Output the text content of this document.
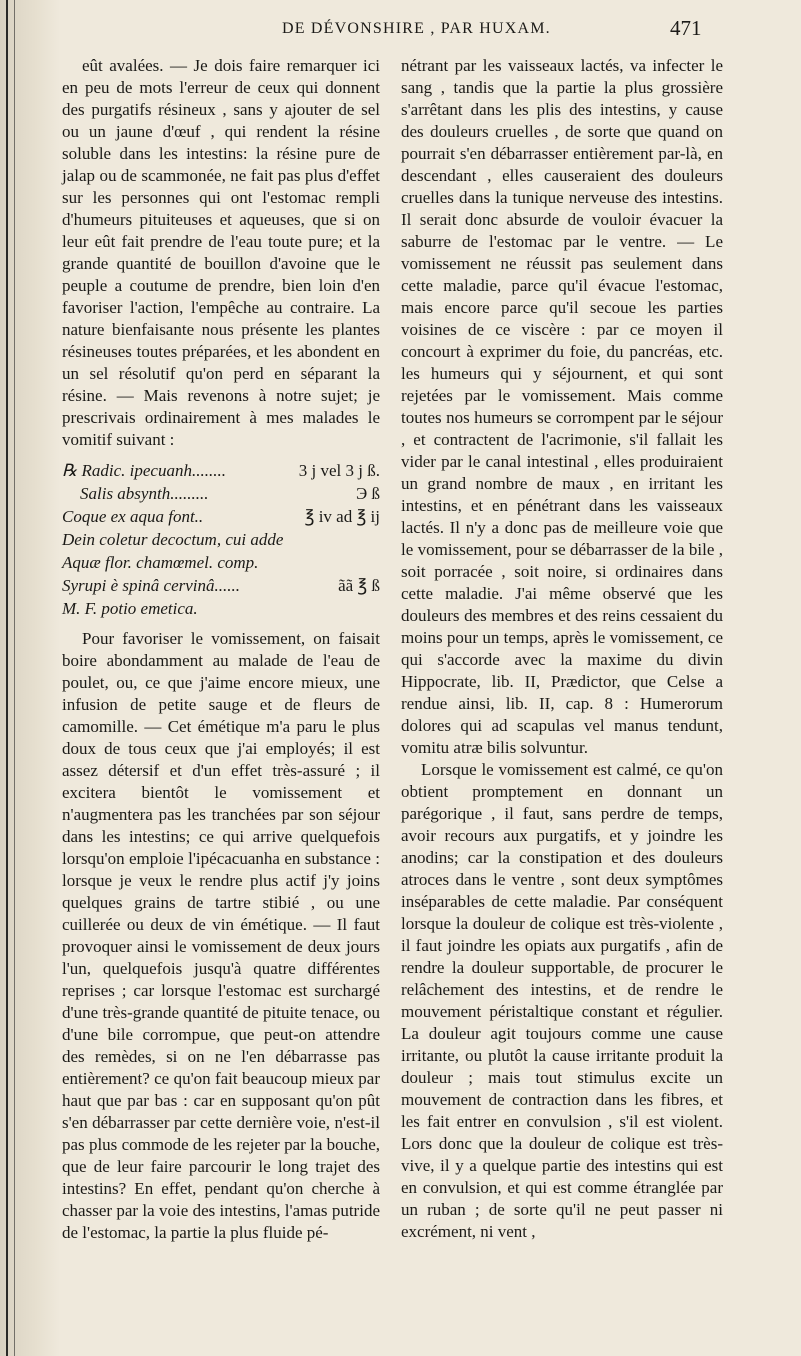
DE DÉVONSHIRE , PAR HUXAM.	471

eût avalées. — Je dois faire remarquer ici en peu de mots l'erreur de ceux qui donnent des purgatifs résineux , sans y ajouter de sel ou un jaune d'œuf , qui rendent la résine soluble dans les intestins: la résine pure de jalap ou de scammonée, ne fait pas plus d'effet sur les personnes qui ont l'estomac rempli d'humeurs pituiteuses et aqueuses, que si on leur eût fait prendre de l'eau toute pure; et la grande quantité de bouillon d'avoine que le peuple a coutume de prendre, bien loin d'en favoriser l'action, l'empêche au contraire. La nature bienfaisante nous présente les plantes résineuses toutes préparées, et les abondent en un sel résolutif qu'on perd en séparant la résine. — Mais revenons à notre sujet; je prescrivais ordinairement à mes malades le vomitif suivant :

℞ Radic. ipecuanh........	3 j vel 3 j ß.
Salis absynth.........	Э ß
Coque ex aqua font..	℥ iv ad ℥ ij
Dein coletur decoctum, cui adde
Aquæ flor. chamœmel. comp.
Syrupi è spinâ cervinâ......	ãã ℥ ß
M. F. potio emetica.

Pour favoriser le vomissement, on faisait boire abondamment au malade de l'eau de poulet, ou, ce que j'aime encore mieux, une infusion de petite sauge et de fleurs de camomille. — Cet émétique m'a paru le plus doux de tous ceux que j'ai employés; il est assez détersif et d'un effet très-assuré ; il excitera bientôt le vomissement et n'augmentera pas les tranchées par son séjour dans les intestins; ce qui arrive quelquefois lorsqu'on emploie l'ipécacuanha en substance : lorsque je veux le rendre plus actif j'y joins quelques grains de tartre stibié , ou une cuillerée ou deux de vin émétique. — Il faut provoquer ainsi le vomissement de deux jours l'un, quelquefois jusqu'à quatre différentes reprises ; car lorsque l'estomac est surchargé d'une très-grande quantité de pituite tenace, ou d'une bile corrompue, que peut-on attendre des remèdes, si on ne l'en débarrasse pas entièrement? ce qu'on fait beaucoup mieux par haut que par bas : car en supposant qu'on pût s'en débarrasser par cette dernière voie, n'est-il pas plus commode de les rejeter par la bouche, que de leur faire parcourir le long trajet des intestins? En effet, pendant qu'on cherche à chasser par la voie des intestins, l'amas putride de l'estomac, la partie la plus fluide pé-

nétrant par les vaisseaux lactés, va infecter le sang , tandis que la partie la plus grossière s'arrêtant dans les plis des intestins, y cause des douleurs cruelles , de sorte que quand on pourrait s'en débarrasser entièrement par-là, en descendant , elles causeraient des douleurs cruelles dans la tunique nerveuse des intestins. Il serait donc absurde de vouloir évacuer la saburre de l'estomac par le ventre. — Le vomissement ne réussit pas seulement dans cette maladie, parce qu'il évacue l'estomac, mais encore parce qu'il secoue les parties voisines de ce viscère : par ce moyen il concourt à exprimer du foie, du pancréas, etc. les humeurs qui y séjournent, et qui sont rejetées par le vomissement. Mais comme toutes nos humeurs se corrompent par le séjour , et contractent de l'acrimonie, s'il fallait les vider par le canal intestinal , elles produiraient un grand nombre de maux , en irritant les intestins, et en pénétrant dans les vaisseaux lactés. Il n'y a donc pas de meilleure voie que le vomissement, pour se débarrasser de la bile , soit porracée , soit noire, si ordinaires dans cette maladie. J'ai même observé que les douleurs des membres et des reins cessaient du moins pour un temps, après le vomissement, ce qui s'accorde avec la maxime du divin Hippocrate, lib. II, Prædictor, que Celse a rendue ainsi, lib. II, cap. 8 : Humerorum dolores qui ad scapulas vel manus tendunt, vomitu atræ bilis solvuntur.

Lorsque le vomissement est calmé, ce qu'on obtient promptement en donnant un parégorique , il faut, sans perdre de temps, avoir recours aux purgatifs, et y joindre les anodins; car la constipation et des douleurs atroces dans le ventre , sont deux symptômes inséparables de cette maladie. Par conséquent lorsque la douleur de colique est très-violente , il faut joindre les opiats aux purgatifs , afin de rendre la douleur supportable, de procurer le relâchement des intestins, et de rendre le mouvement péristaltique constant et régulier. La douleur agit toujours comme une cause irritante, ou plutôt la cause irritante produit la douleur ; mais tout stimulus excite un mouvement de contraction dans les fibres, et les fait entrer en convulsion , s'il est violent. Lors donc que la douleur de colique est très-vive, il y a quelque partie des intestins qui est en convulsion, et qui est comme étranglée par un ruban ; de sorte qu'il ne peut passer ni excrément, ni vent ,
